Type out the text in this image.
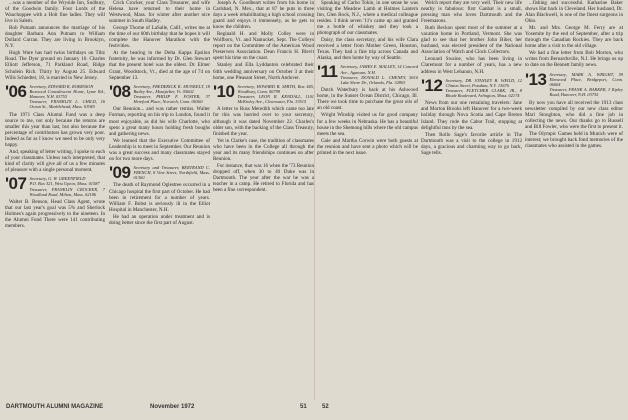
...was a member of the Wryside Inn, Sudbury, of the Goodwin family. Four Lords of the Wauchoppee with a Holt fine ladies. They will live in Salem.

Bob Putnam announces the marriage of his daughter Barbara Ann Putnam to William Dollard Curran. They are living in Brooklyn, N.Y.

Hugh Ware has had twins birthdays on Tiltz Road. The Dyer ground on January 10. Charles Elliott Jefferson, 71 Parkland Road, Ridge Schulein Rich. Thirty by August 25. Edward Wills Schiedter, 18, is married in New Jersey.

'06 Secretary, EDWARD K. ROBINSON
Boxwood Convalescent Home, Lyme Rd., Hanover, N.H. 03755
Treasurer, FRANKLIN L. CHILD, 16 Ocean St., Marblehead, Mass. 01945

The 1971 Class Alumni Fund was a deep source to me, not only because the returns are smaller this year than last, but also because the percentage of contributors has grown very poor. Indeed as far as I know we need to be only very happy.

And, speaking of letter writing, I spoke to each of your classmates. Unless such interpreted, that kind of clarity will give all of us a few minutes of pleasure with a single personal moment.

'07 Secretary, G. W. GREENFIELD
P.O. Box 321, West Upton, Mass. 01587
Treasurer, FRANKLIN CROCKER, 7 Woodland Road, Milton, Mass. 02186

Walter B. Benson, Head Class Agent, wrote that our last year's goal was 5% and Sherlock Holmes's again progressively to the nineteen. In the Alumni Fund There were 141 contributing members.

Crick Crocker, your Class Treasurer, and wife Helena have returned to their home in Westwood, Mass. for winter after another nice summer in South Hadley.

George Thorne of LaSalle, Calif., writes me at the time of our 60th birthday that he hopes it will complete the Hanover Marathon with the festivities.

At the hearing in the Delta Kappa Epsilon fraternity, he was informed by Dr. Glen Stewart that the present hotel was the oldest. Dr. Elmer Grant, Woodstock, Vt., died at the age of 74 on September 13.

'08 Secretary, FREDERICK K. MUNKELT, 18 Bailey Ave., Montpelier, Vt. 05602
Treasurer, PHILIP F. FOSTER, 37 Hereford Place, Norwich, Conn. 06360

Our Reunion... and was rather remiss. Walter Furman, reporting on his trip to London, found it most enjoyable, as did his wife Charlotte, who spent a great many hours holding fresh boughs and gathering news.

We learned that the Executive Committee of Leadership is to meet in September. Our Reunion was a great success and many classmates stayed on for two more days.

'09 Secretary and Treasurer, BERTRAND C. FRENCH, 8 Vine Street, Northfield, Mass. 01360

The death of Raymond Oglestree occurred in a Chicago hospital the first part of October. He had been in retirement for a number of years. William F. Bobst is seriously ill in the Elliot Hospital in Manchester, N.H.

He had an operation under treatment and is doing better since the first part of August.

Joseph A. Goodheart writes from his home in Carlsbad, N. Mex., that at 87 he puts in three days a week rehabilitating a high school crossing guard and enjoys it immensely, as he gets to know the children.

Reginald H. and Molly Colley were in Wolfboro, Vt. and Nantucket, Sept. The Colleys report on the Committee of the American Wood Preservers Association. Dean Francis H. Blevit spent his time on the coast.

Stanley and Ella Lyddanton celebrated their 64th wedding anniversary on October 3 at their home, one Pleasant Street, North Andover.

'10 Secretary, HOWARD B. SMITH, Box 445, Woodbury, Conn. 06798
Treasurer, LEON R. KENDALL, 1101 McKinley Ave., Clearwater, Fla. 33515

A letter to Russ Meredith which came too late for this was hurried over to your secretary, although it was dated November 22. Charles's older son, with the backing of the Class Treasury, finished the year.

Yet in Clarke's case, the tradition of classmates who have been in the College all through the year and its many friendships continues on after Reunion.

For instance, that was 16 when the '73 Reunion dropped off, when 30 to 40 Duke was in Dartmouth. The year after the war he was a teacher in a camp. He retired to Florida and has been a fine correspondent.

Speaking of Carbo Tokin, in one sense he was visiting the Meadow Lamb at Holmes Lantern Inn, Glen Rock, N.J., where a medical colleague resides. I think seven '11's came up and granted me a bottle of whiskey and they took a photograph of our classmates.

Daisy, the class secretary, and his wife Clara received a letter from Mother Green, Houston, Texas. They had a fine trip across Canada and Alaska, and then home by way of Seattle.

'11 Secretary, JAMES E. MALLEY, 14 Concord Ave., Agawam, N.H.
Treasurer, DONALD L. CHENEY, 5610 Lake Shore Dr., Orlando, Fla. 32803

Dutch Waterbury is back at his Ashwood home, in the Sunset Ocean District, Chicago, Ill. There we took time to purchase the great oils of an old coast.

Wright Winship visited us for good company for a few weeks in Nebraska. He has a beautiful house in the Shemong hills where the old campus meets the sea.

Gale and Martha Corwin were both guests at the reunion and have sent a photo which will be printed in the next issue.

Welch report they are very well. Their new life nearby is fabulous: first Ganbat is a small, pressing man who loves Dartmouth and the Freemasons.

Ruth Beckon spent most of the summer at a vacation home in Portland, Vermont. She was glad to see that her brother John Biker, her husband, was elected president of the National Association of Watch and Clock Collectors.

Leonard Swaine, who has been living in Claremont for a number of years, has a new address in West Lebanon, N.H.

'12 Secretary, DR. STANLEY B. WEILD, 12 Clinton Street, Potsdam, N.Y. 13676
Treasurer, FLETCHER CLARK, JR., 8 Rhode Boulevard, Arlington, Mass. 02174

News from our one remaining travelers: Jane and Morton Brooks left Hanover for a two-week holiday through Nova Scotia and Cape Breton Island. They rode the Cabot Trail, stopping at delightful inns by the sea.

Then Rollo Sage's favorite article in The Dartmouth was a visit to the college in 1912 days, a gracious and charming way to go back, Sage tells.

...fishing and successful. Katharine Baker shows Hat back in Cleveland. Her husband, Dr. Alan Blackwell, is one of the finest surgeons in Ohio.

Mr. and Mrs. George M. Ferry are at Yosemite by the end of September, after a trip through the Canadian Rockies. They are back home after a visit to the old village.

We had a fine letter from Bob Morton, who writes from Bernardsville, N.J. He brings us up to date on the Bennett family news.

'13 Secretary, MARK A. WRIGHT, 59 Elmwood Place, Bridgeport, Conn. 06604
Treasurer, FRANK A. BARKER, 3 Ripley Road, Hanover, N.H. 03755

By now you have all received the 1913 class newsletter compiled by our new class editor Marl Stoughton, who did a fine job in collecting the news. Our thanks go to Russell and Bill Fowler, who were the first to present it.

The Olympic Games held in Munich were of interest; we brought back fond memories of the classmates who assisted in the games.

DARTMOUTH ALUMNI MAGAZINE	November 1972	51	52
